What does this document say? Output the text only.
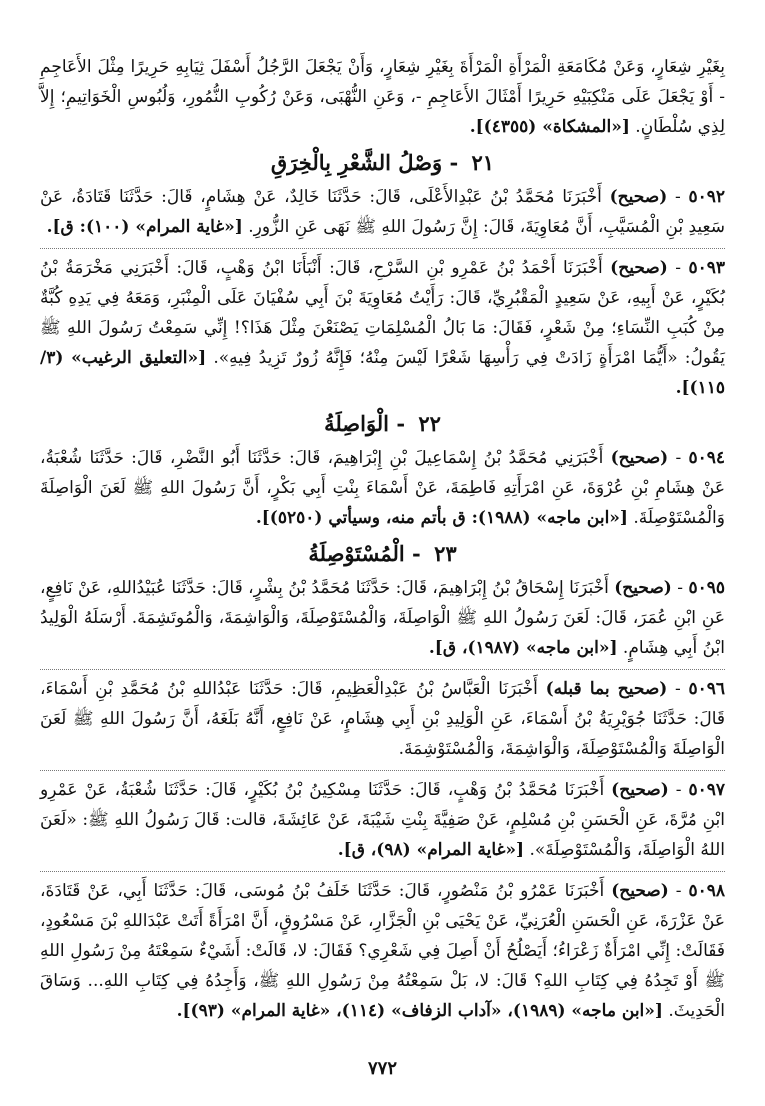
بِغَيْرِ شِعَارٍ، وَعَنْ مُكَامَعَةِ الْمَرْأَةِ الْمَرْأَةَ بِغَيْرِ شِعَارٍ، وَأَنْ يَجْعَلَ الرَّجُلُ أَسْفَلَ ثِيَابِهِ حَرِيرًا مِثْلَ الأَعَاجِمِ - أَوْ يَجْعَلَ عَلَى مَنْكِبَيْهِ حَرِيرًا أَمْثَالَ الأَعَاجِمِ -، وَعَنِ النُّهْبَى، وَعَنْ رُكُوبِ النُّمُورِ، وَلُبُوسِ الْخَوَاتِيمِ؛ إِلاَّ لِذِي سُلْطَانٍ. [«المشكاة» (٤٣٥٥)].

٢١ - وَصْلُ الشَّعْرِ بِالْخِرَقِ

٥٠٩٢ - (صحيح) أَخْبَرَنَا مُحَمَّدُ بْنُ عَبْدِالأَعْلَى، قَالَ: حَدَّثَنَا خَالِدٌ، عَنْ هِشَامٍ، قَالَ: حَدَّثَنَا قَتَادَةُ، عَنْ سَعِيدِ بْنِ الْمُسَيَّبِ، أَنَّ مُعَاوِيَةَ، قَالَ: إِنَّ رَسُولَ اللهِ ﷺ نَهَى عَنِ الزُّورِ. [«غاية المرام» (١٠٠): ق].

٥٠٩٣ - (صحيح) أَخْبَرَنَا أَحْمَدُ بْنُ عَمْرِو بْنِ السَّرْحِ، قَالَ: أَنْبَأَنَا ابْنُ وَهْبٍ، قَالَ: أَخْبَرَنِي مَخْرَمَةُ بْنُ بُكَيْرٍ، عَنْ أَبِيهِ، عَنْ سَعِيدٍ الْمَقْبُرِيِّ، قَالَ: رَأَيْتُ مُعَاوِيَةَ بْنَ أَبِي سُفْيَانَ عَلَى الْمِنْبَرِ، وَمَعَهُ فِي يَدِهِ كُبَّةٌ مِنْ كُبَبِ النِّسَاءِ؛ مِنْ شَعْرٍ، فَقَالَ: مَا بَالُ الْمُسْلِمَاتِ يَصْنَعْنَ مِثْلَ هَذَا؟! إِنِّي سَمِعْتُ رَسُولَ اللهِ ﷺ يَقُولُ: «أَيُّمَا امْرَأَةٍ زَادَتْ فِي رَأْسِهَا شَعْرًا لَيْسَ مِنْهُ؛ فَإِنَّهُ زُورٌ تَزِيدُ فِيهِ». [«التعليق الرغيب» (٣/ ١١٥)].

٢٢ - الْوَاصِلَةُ

٥٠٩٤ - (صحيح) أَخْبَرَنِي مُحَمَّدُ بْنُ إِسْمَاعِيلَ بْنِ إِبْرَاهِيمَ، قَالَ: حَدَّثَنَا أَبُو النَّضْرِ، قَالَ: حَدَّثَنَا شُعْبَةُ، عَنْ هِشَامِ بْنِ عُرْوَةَ، عَنِ امْرَأَتِهِ فَاطِمَةَ، عَنْ أَسْمَاءَ بِنْتِ أَبِي بَكْرٍ، أَنَّ رَسُولَ اللهِ ﷺ لَعَنَ الْوَاصِلَةَ وَالْمُسْتَوْصِلَةَ. [«ابن ماجه» (١٩٨٨): ق بأتم منه، وسيأتي (٥٢٥٠)].

٢٣ - الْمُسْتَوْصِلَةُ

٥٠٩٥ - (صحيح) أَخْبَرَنَا إِسْحَاقُ بْنُ إِبْرَاهِيمَ، قَالَ: حَدَّثَنَا مُحَمَّدُ بْنُ بِشْرٍ، قَالَ: حَدَّثَنَا عُبَيْدُاللهِ، عَنْ نَافِعٍ، عَنِ ابْنِ عُمَرَ، قَالَ: لَعَنَ رَسُولُ اللهِ ﷺ الْوَاصِلَةَ، وَالْمُسْتَوْصِلَةَ، وَالْوَاشِمَةَ، وَالْمُوتَشِمَةَ. أَرْسَلَهُ الْوَلِيدُ ابْنُ أَبِي هِشَامٍ. [«ابن ماجه» (١٩٨٧)، ق].

٥٠٩٦ - (صحيح بما قبله) أَخْبَرَنَا الْعَبَّاسُ بْنُ عَبْدِالْعَظِيمِ، قَالَ: حَدَّثَنَا عَبْدُاللهِ بْنُ مُحَمَّدِ بْنِ أَسْمَاءَ، قَالَ: حَدَّثَنَا جُوَيْرِيَةُ بْنُ أَسْمَاءَ، عَنِ الْوَلِيدِ بْنِ أَبِي هِشَامٍ، عَنْ نَافِعٍ، أَنَّهُ بَلَغَهُ، أَنَّ رَسُولَ اللهِ ﷺ لَعَنَ الْوَاصِلَةَ وَالْمُسْتَوْصِلَةَ، وَالْوَاشِمَةَ، وَالْمُسْتَوْشِمَةَ.

٥٠٩٧ - (صحيح) أَخْبَرَنَا مُحَمَّدُ بْنُ وَهْبٍ، قَالَ: حَدَّثَنَا مِسْكِينُ بْنُ بُكَيْرٍ، قَالَ: حَدَّثَنَا شُعْبَةُ، عَنْ عَمْرِو ابْنِ مُرَّةَ، عَنِ الْحَسَنِ بْنِ مُسْلِمٍ، عَنْ صَفِيَّةَ بِنْتِ شَيْبَةَ، عَنْ عَائِشَةَ، قالت: قَالَ رَسُولُ اللهِ ﷺ: «لَعَنَ اللهُ الْوَاصِلَةَ، وَالْمُسْتَوْصِلَةَ». [«غاية المرام» (٩٨)، ق].

٥٠٩٨ - (صحيح) أَخْبَرَنَا عَمْرُو بْنُ مَنْصُورٍ، قَالَ: حَدَّثَنَا خَلَفُ بْنُ مُوسَى، قَالَ: حَدَّثَنَا أَبِي، عَنْ قَتَادَةَ، عَنْ عَزْرَةَ، عَنِ الْحَسَنِ الْعُرَنِيِّ، عَنْ يَحْيَى بْنِ الْجَزَّارِ، عَنْ مَسْرُوقٍ، أَنَّ امْرَأَةً أَتَتْ عَبْدَاللهِ بْنَ مَسْعُودٍ، فَقَالَتْ: إِنِّي امْرَأَةٌ زَعْرَاءُ؛ أَيَصْلُحُ أَنْ أَصِلَ فِي شَعْرِي؟ فَقَالَ: لا، قَالَتْ: أَشَيْءٌ سَمِعْتَهُ مِنْ رَسُولِ اللهِ ﷺ أَوْ تَجِدُهُ فِي كِتَابِ اللهِ؟ قَالَ: لا، بَلْ سَمِعْتُهُ مِنْ رَسُولِ اللهِ ﷺ، وَأَجِدُهُ فِي كِتَابِ اللهِ... وَسَاقَ الْحَدِيثَ. [«ابن ماجه» (١٩٨٩)، «آداب الزفاف» (١١٤)، «غاية المرام» (٩٣)].

٧٧٢
